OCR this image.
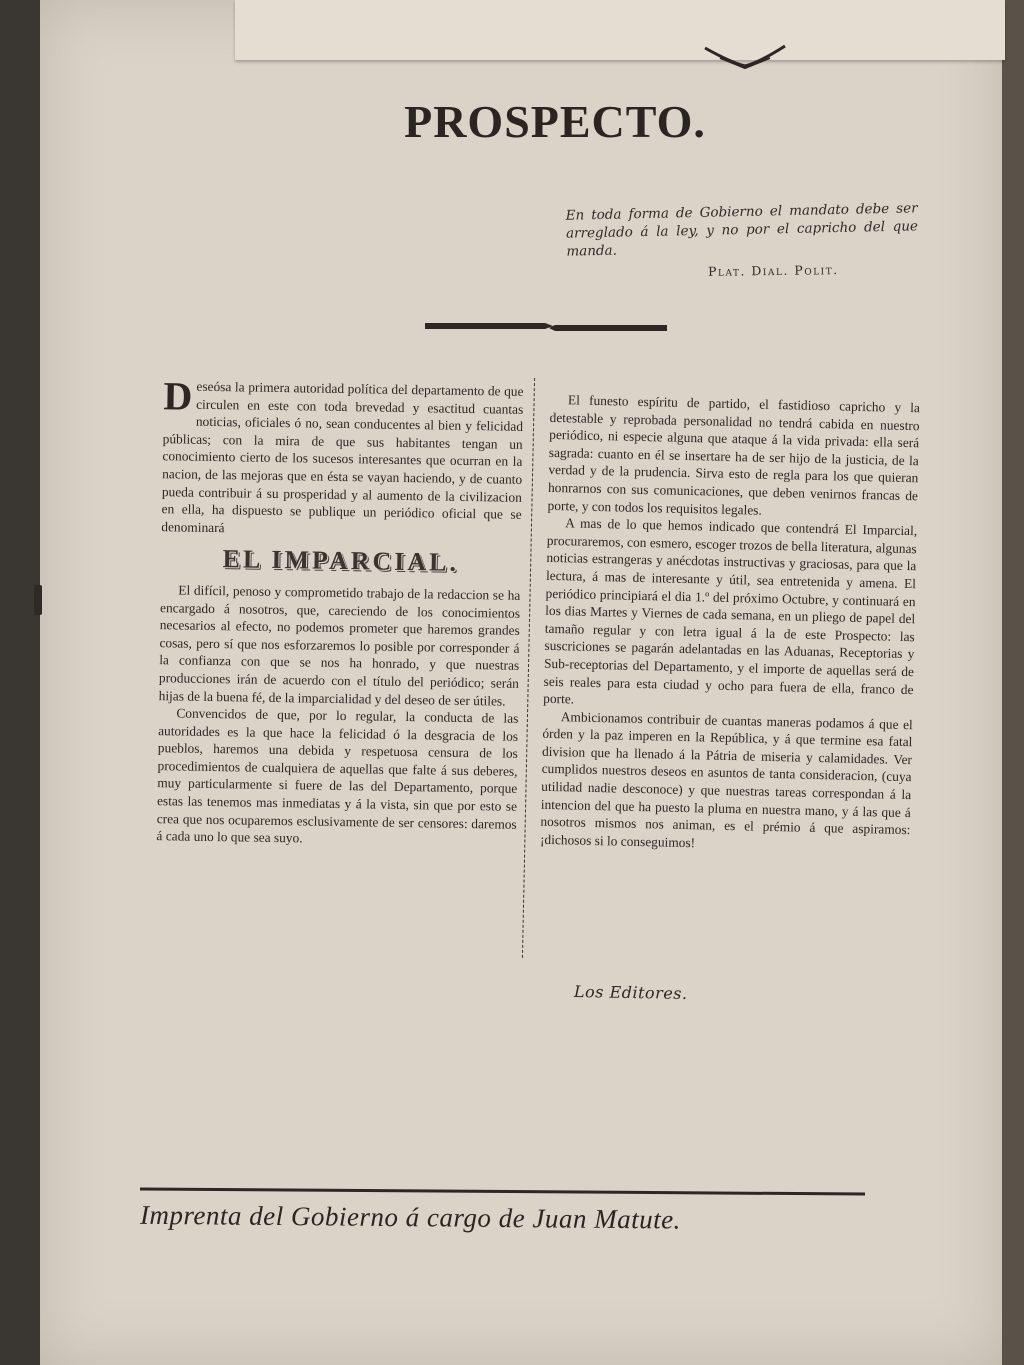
PROSPECTO.
En toda forma de Gobierno el mandato debe ser arreglado á la ley, y no por el capricho del que manda.
Plat. Dial. Polit.

D eseósa la primera autoridad política del departamento de que circulen en este con toda brevedad y esactitud cuantas noticias, oficiales ó no, sean conducentes al bien y felicidad públicas; con la mira de que sus habitantes tengan un conocimiento cierto de los sucesos interesantes que ocurran en la nacion, de las mejoras que en ésta se vayan haciendo, y de cuanto pueda contribuir á su prosperidad y al aumento de la civilizacion en ella, ha dispuesto se publique un periódico oficial que se denominará

EL IMPARCIAL.

El difícil, penoso y comprometido trabajo de la redaccion se ha encargado á nosotros, que, careciendo de los conocimientos necesarios al efecto, no podemos prometer que haremos grandes cosas, pero sí que nos esforzaremos lo posible por corresponder á la confianza con que se nos ha honrado, y que nuestras producciones irán de acuerdo con el título del periódico; serán hijas de la buena fé, de la imparcialidad y del deseo de ser útiles.

Convencidos de que, por lo regular, la conducta de las autoridades es la que hace la felicidad ó la desgracia de los pueblos, haremos una debida y respetuosa censura de los procedimientos de cualquiera de aquellas que falte á sus deberes, muy particularmente si fuere de las del Departamento, porque estas las tenemos mas inmediatas y á la vista, sin que por esto se crea que nos ocuparemos esclusivamente de ser censores: daremos á cada uno lo que sea suyo.

El funesto espíritu de partido, el fastidioso capricho y la detestable y reprobada personalidad no tendrá cabida en nuestro periódico, ni especie alguna que ataque á la vida privada: ella será sagrada: cuanto en él se insertare ha de ser hijo de la justicia, de la verdad y de la prudencia. Sirva esto de regla para los que quieran honrarnos con sus comunicaciones, que deben venirnos francas de porte, y con todos los requisitos legales.

A mas de lo que hemos indicado que contendrá El Imparcial, procuraremos, con esmero, escoger trozos de bella literatura, algunas noticias estrangeras y anécdotas instructivas y graciosas, para que la lectura, á mas de interesante y útil, sea entretenida y amena. El periódico principiará el dia 1.º del próximo Octubre, y continuará en los dias Martes y Viernes de cada semana, en un pliego de papel del tamaño regular y con letra igual á la de este Prospecto: las suscriciones se pagarán adelantadas en las Aduanas, Receptorias y Sub-receptorias del Departamento, y el importe de aquellas será de seis reales para esta ciudad y ocho para fuera de ella, franco de porte.

Ambicionamos contribuir de cuantas maneras podamos á que el órden y la paz imperen en la República, y á que termine esa fatal division que ha llenado á la Pátria de miseria y calamidades. Ver cumplidos nuestros deseos en asuntos de tanta consideracion, (cuya utilidad nadie desconoce) y que nuestras tareas correspondan á la intencion del que ha puesto la pluma en nuestra mano, y á las que á nosotros mismos nos animan, es el prémio á que aspiramos: ¡dichosos si lo conseguimos!

Los Editores.
Imprenta del Gobierno á cargo de Juan Matute.
